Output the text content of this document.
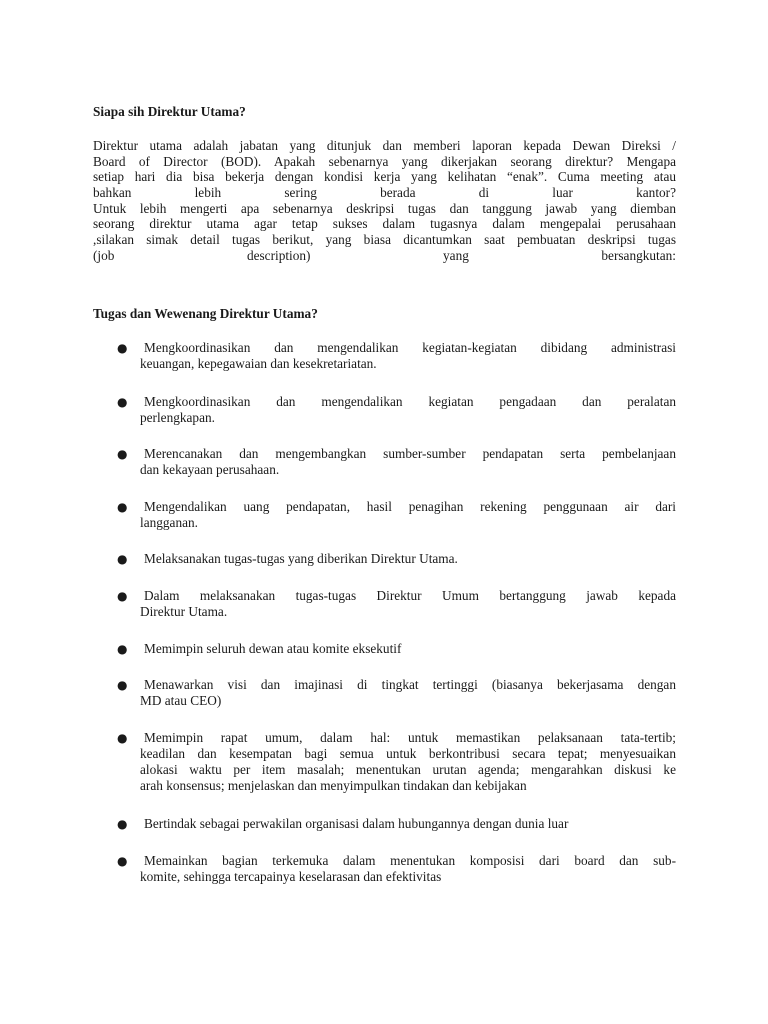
Siapa sih Direktur Utama?
Direktur utama adalah jabatan yang ditunjuk dan memberi laporan kepada Dewan Direksi /
Board of Director (BOD). Apakah sebenarnya yang dikerjakan seorang direktur? Mengapa
setiap hari dia bisa bekerja dengan kondisi kerja yang kelihatan “enak”. Cuma meeting atau
bahkan lebih sering berada di luar kantor?
Untuk lebih mengerti apa sebenarnya deskripsi tugas dan tanggung jawab yang diemban
seorang direktur utama agar tetap sukses dalam tugasnya dalam mengepalai perusahaan
,silakan simak detail tugas berikut, yang biasa dicantumkan saat pembuatan deskripsi tugas
(job description) yang bersangkutan:
Tugas dan Wewenang Direktur Utama?
● Mengkoordinasikan dan mengendalikan kegiatan-kegiatan dibidang administrasi
keuangan, kepegawaian dan kesekretariatan.
● Mengkoordinasikan dan mengendalikan kegiatan pengadaan dan peralatan
perlengkapan.
● Merencanakan dan mengembangkan sumber-sumber pendapatan serta pembelanjaan
dan kekayaan perusahaan.
● Mengendalikan uang pendapatan, hasil penagihan rekening penggunaan air dari
langganan.
● Melaksanakan tugas-tugas yang diberikan Direktur Utama.
● Dalam melaksanakan tugas-tugas Direktur Umum bertanggung jawab kepada
Direktur Utama.
● Memimpin seluruh dewan atau komite eksekutif
● Menawarkan visi dan imajinasi di tingkat tertinggi (biasanya bekerjasama dengan
MD atau CEO)
● Memimpin rapat umum, dalam hal: untuk memastikan pelaksanaan tata-tertib;
keadilan dan kesempatan bagi semua untuk berkontribusi secara tepat; menyesuaikan
alokasi waktu per item masalah; menentukan urutan agenda; mengarahkan diskusi ke
arah konsensus; menjelaskan dan menyimpulkan tindakan dan kebijakan
● Bertindak sebagai perwakilan organisasi dalam hubungannya dengan dunia luar
● Memainkan bagian terkemuka dalam menentukan komposisi dari board dan sub-
komite, sehingga tercapainya keselarasan dan efektivitas
